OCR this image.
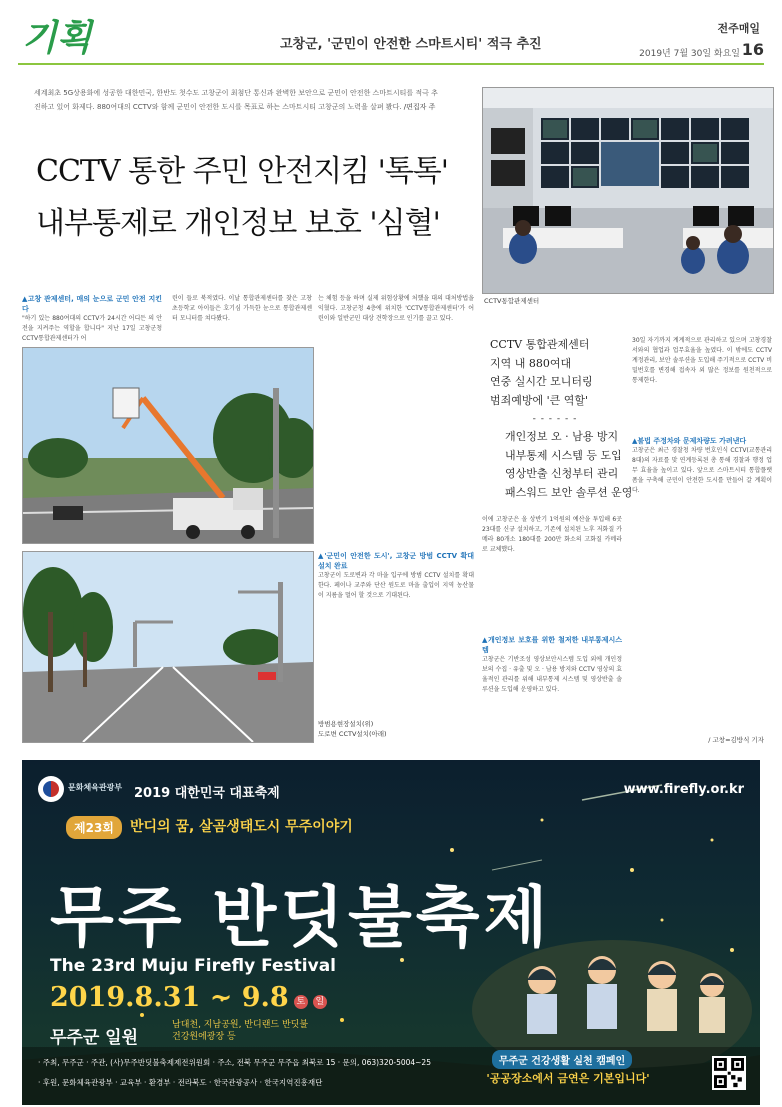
기획	고창군, '군민이 안전한 스마트시티' 적극 추진
전주매일
2019년 7월 30일 화요일 16
세계최초 5G상용화에 성공한 대한민국, 한반도 첫수도 고창군이 최첨단 통신과 완벽한 보안으로 군민이 안전한 스마트시티를 적극 추진하고 있어 화제다. 880여대의 CCTV와 함께 군민이 안전한 도시를 목표로 하는 스마트시티 고창군의 노력을 살펴 봤다. /편집자 주
CCTV 통한 주민 안전지킴 '톡톡'
내부통제로 개인정보 보호 '심혈'
CCTV통합관제센터
▲고창 관제센터, 매의 눈으로 군민 안전 지킨다
"하기 있는 880여대의 CCTV가 24시간 어디든 의 안전을 지켜주는 역할을 합니다" 지난 17일 고창군청 CCTV통합관제센터가 어
린이 들로 북적였다. 이날 통합관제센터를 찾은 고창초등학교 아이들은 호기심 가득한 눈으로 통합관제센터 모니터를 쳐다봤다.
방범용현장설치(위)
도로변 CCTV설치(아래)
는 체험 등을 하며 실제 위험상황에 처했을 대의 대처방법을 익혔다. 고창군청 4층에 위치한 'CCTV통합관제센터'가 어린이와 일반군민 대상 견학장으로 인기를 끌고 있다.
▲'군민이 안전한 도시', 고창군 방범 CCTV 확대 설치 완료
고창군이 도로변과 각 마을 입구에 방범 CCTV 설치를 확대한다. 페이나 교주와 단산 원도로 마을 출입이 지역 농산물이 지름을 멀어 할 것으로 기대된다.
CCTV 통합관제센터
지역 내 880여대
연중 실시간 모니터링
범죄예방에 '큰 역할'
- - - - - -
개인정보 오 · 남용 방지
내부통제 시스템 등 도입
영상반출 신청부터 관리
패스워드 보안 솔루션 운영
이에 고창군은 올 상반기 1억원의 예산을 투입해 6곳 23대를 신규 설치하고, 기존에 설치된 노후 저화질 카메라 80개소 180대를 200만 화소의 고화질 카메라로 교체했다.
▲개인정보 보호를 위한 철저한 내부통제시스템
고창군은 기반조성 영상보안시스템 도입 외에 개인정보의 수집 · 유출 및 오 · 남용 방지와 CCTV 영상의 효율적인 관리를 위해 내부통제 시스템 및 영상반출 솔루션을 도입해 운영하고 있다.
30일 자기까지 계계적으로 관리하고 있으며 고창경찰서와의 협업과 업무효율을 높였다. 이 밖에도 CCTV 계정관리, 보안 솔루션을 도입해 주기적으로 CCTV 비밀번호를 변경해 접속자 외 많은 정보를 원천적으로 통제한다.
▲불법 주정차와 문제차량도 가려낸다
고창군은 최근 경찰청 차량 번호인식 CCTV(교통관리 8대)의 자료를 맞 연계등록된 총 통해 경찰과 행정 업무 효율을 높이고 있다. 앞으로 스마트시티 통합플랫폼을 구축해 군민이 안전한 도시를 만들어 갈 계획이다.
/ 고창=김방식 기자
문화체육관광부 2019 대한민국 대표축제	www.firefly.or.kr
제23회	반디의 꿈, 살곰생태도시 무주이야기
무주 반딧불축제
The 23rd Muju Firefly Festival
2019.8.31 ~ 9.8 토 일
무주군 일원
남대천, 지남공원, 반디랜드 반딧불건강원에광장 등
· 주최, 무주군 · 주관, (사)무주반딧불축제제전위원회 · 주소, 전북 무주군 무주읍 최북로 15 · 문의, 063)320-5004~25
· 후원, 문화체육관광부 · 교육부 · 환경부 · 전라북도 · 한국관광공사 · 한국지역진흥재단
무주군 건강생활 실천 캠페인
'공공장소에서 금연은 기본입니다'
